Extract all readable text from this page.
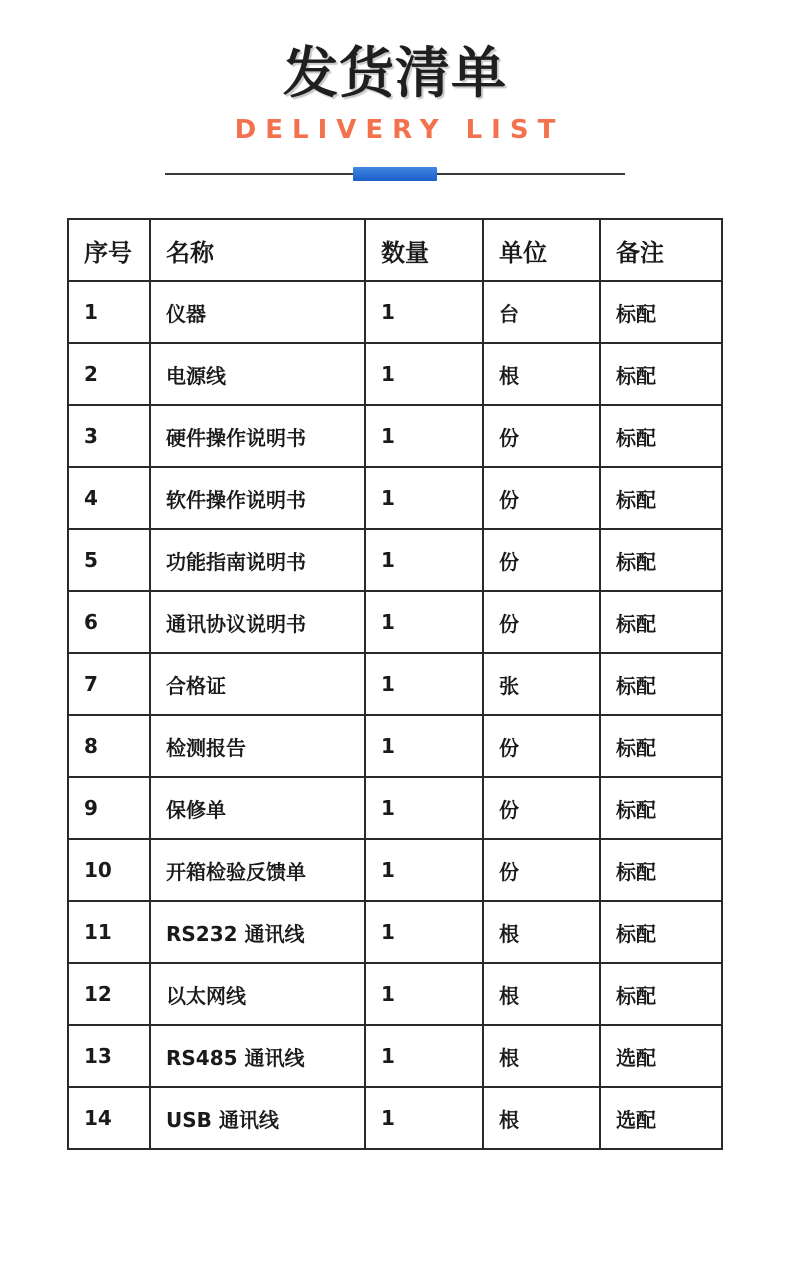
发货清单
DELIVERY LIST
序号	名称	数量	单位	备注
1	仪器	1	台	标配
2	电源线	1	根	标配
3	硬件操作说明书	1	份	标配
4	软件操作说明书	1	份	标配
5	功能指南说明书	1	份	标配
6	通讯协议说明书	1	份	标配
7	合格证	1	张	标配
8	检测报告	1	份	标配
9	保修单	1	份	标配
10	开箱检验反馈单	1	份	标配
11	RS232 通讯线	1	根	标配
12	以太网线	1	根	标配
13	RS485 通讯线	1	根	选配
14	USB 通讯线	1	根	选配
